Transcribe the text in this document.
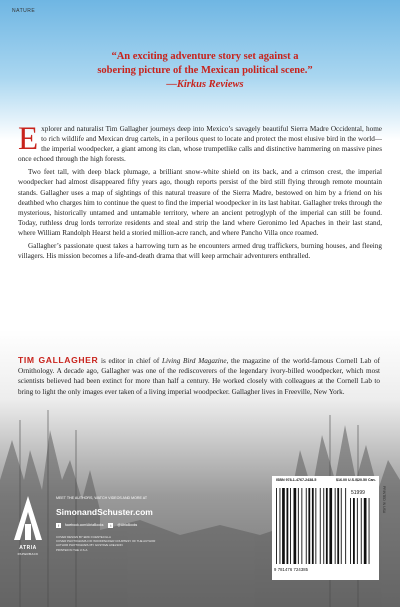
NATURE
“An exciting adventure story set against a
sobering picture of the Mexican political scene.”
—Kirkus Reviews

Explorer and naturalist Tim Gallagher journeys deep into Mexico’s savagely beautiful Sierra Madre Occidental, home to rich wildlife and Mexican drug cartels, in a perilous quest to locate and protect the most elusive bird in the world—the imperial woodpecker, a giant among its clan, whose trumpetlike calls and distinctive hammering on massive pines once echoed through the high forests.

Two feet tall, with deep black plumage, a brilliant snow-white shield on its back, and a crimson crest, the imperial woodpecker had almost disappeared fifty years ago, though reports persist of the bird still flying through remote mountain stands. Gallagher uses a map of sightings of this natural treasure of the Sierra Madre, bestowed on him by a friend on his deathbed who charges him to continue the quest to find the imperial woodpecker in its last habitat. Gallagher treks through the mysterious, historically untamed and untamable territory, where an ancient petroglyph of the imperial can still be found. Today, ruthless drug lords terrorize residents and steal and strip the land where Geronimo led Apaches in their last stand, where William Randolph Hearst held a storied million-acre ranch, and where Pancho Villa once roamed.

Gallagher’s passionate quest takes a harrowing turn as he encounters armed drug traffickers, burning houses, and fleeing villagers. His mission becomes a life-and-death drama that will keep armchair adventurers enthralled.

TIM GALLAGHER is editor in chief of Living Bird Magazine, the magazine of the world-famous Cornell Lab of Ornithology. A decade ago, Gallagher was one of the rediscoverers of the legendary ivory-billed woodpecker, which most scientists believed had been extinct for more than half a century. He worked closely with colleagues at the Cornell Lab to bring to light the only images ever taken of a living imperial woodpecker. Gallagher lives in Freeville, New York.
ATRIA
PAPERBACK
MEET THE AUTHORS, WATCH VIDEOS AND MORE AT
SimonandSchuster.com
f facebook.com/AtriaBooks t @AtriaBooks
COVER DESIGN BY ERIC FUENTECILLA
COVER PHOTOGRAPH OF WOODPECKER COURTESY OF THE AUTHOR
AUTHOR PHOTOGRAPH BY GUSTAVE AXELSON
PRINTED IN THE U.S.A.
ISBN 978-1-4767-2438-5	$16.00 U.S./$20.50 Can.
51999
9 781476 724385
PRINTED IN USA
